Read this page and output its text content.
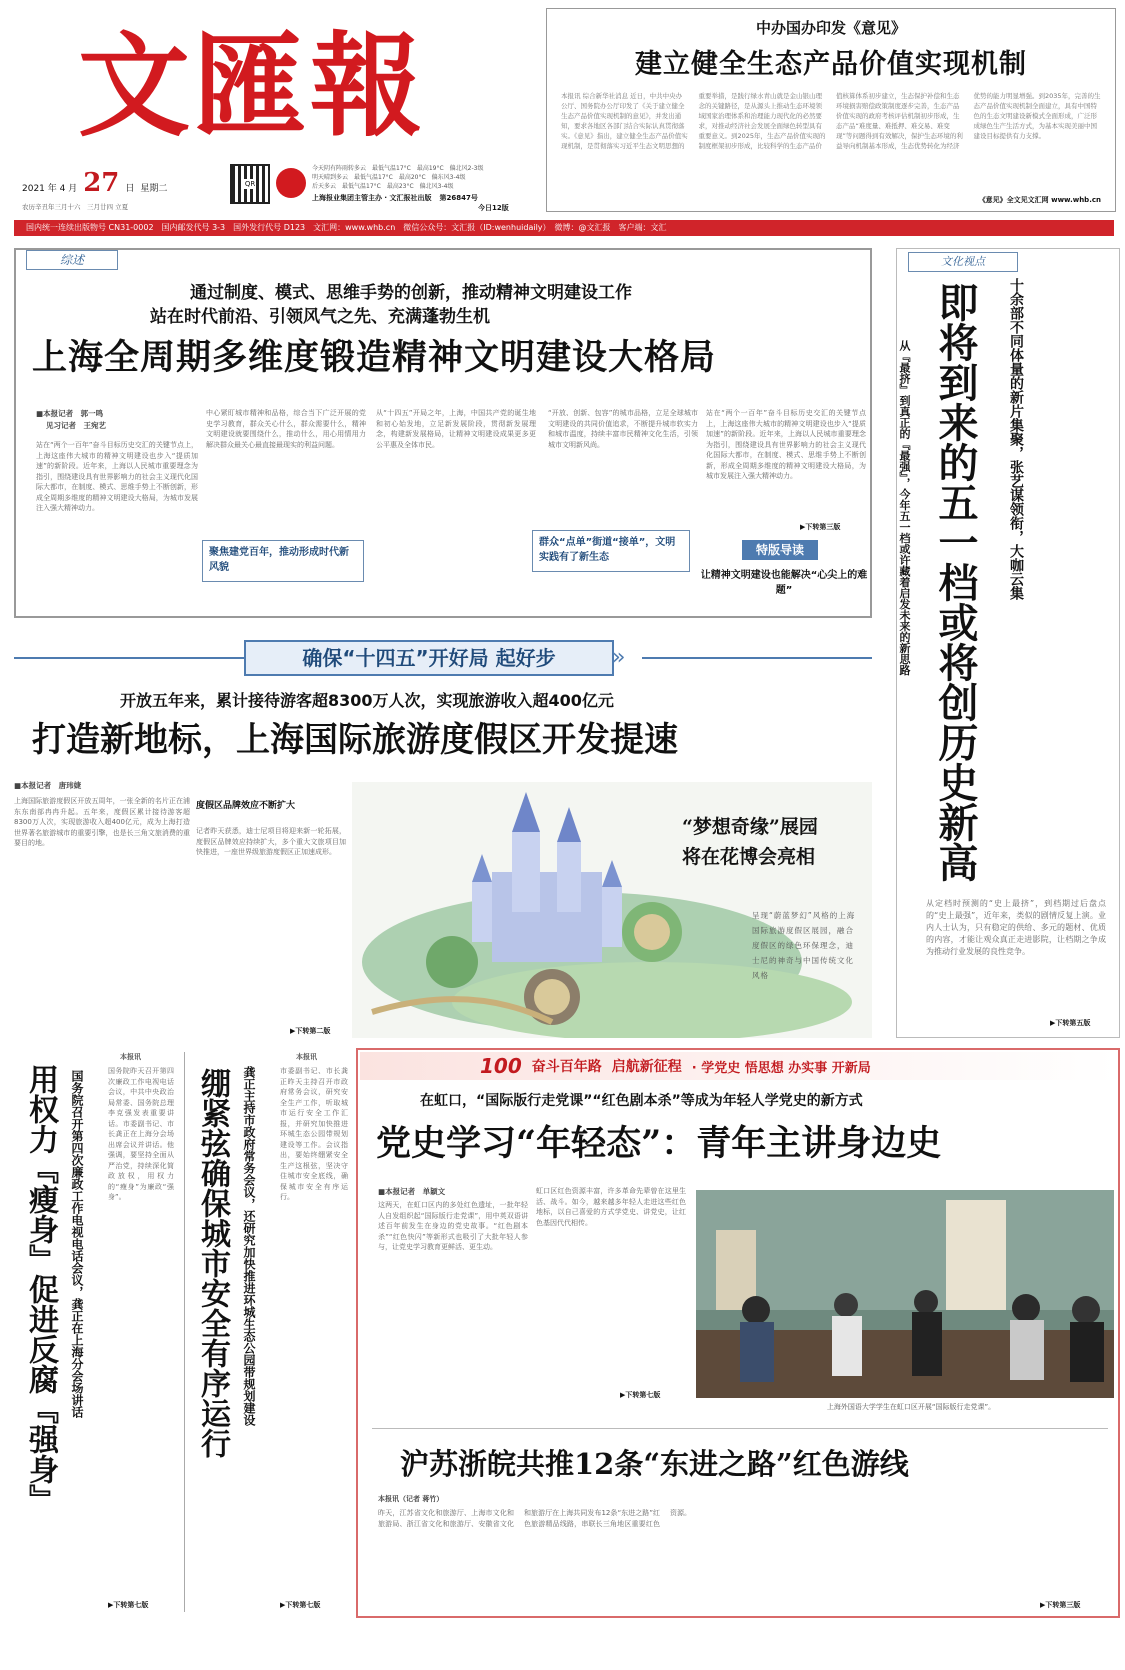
文匯報
2021 年 4 月 27 日 星期二
农历辛丑年三月十六　三月廿四 立夏
QR
今天阴有阵雨转多云　最低气温17°C　最高19°C　偏北风2-3级
明天晴到多云　最低气温17°C　最高20°C　偏东风3-4级
后天多云　最低气温17°C　最高23°C　偏北风3-4级
上海报业集团主管主办 · 文汇报社出版 第26847号
今日12版
中办国办印发《意见》
建立健全生态产品价值实现机制
本报讯 综合新华社消息 近日，中共中央办公厅、国务院办公厅印发了《关于建立健全生态产品价值实现机制的意见》，并发出通知，要求各地区各部门结合实际认真贯彻落实。《意见》指出，建立健全生态产品价值实现机制，是贯彻落实习近平生态文明思想的重要举措，是践行绿水青山就是金山银山理念的关键路径，是从源头上推动生态环境领域国家治理体系和治理能力现代化的必然要求，对推动经济社会发展全面绿色转型具有重要意义。到2025年，生态产品价值实现的制度框架初步形成，比较科学的生态产品价值核算体系初步建立，生态保护补偿和生态环境损害赔偿政策制度逐步完善，生态产品价值实现的政府考核评估机制初步形成，生态产品“难度量、难抵押、难交易、难变现”等问题得到有效解决，保护生态环境的利益导向机制基本形成，生态优势转化为经济优势的能力明显增强。到2035年，完善的生态产品价值实现机制全面建立，具有中国特色的生态文明建设新模式全面形成，广泛形成绿色生产生活方式，为基本实现美丽中国建设目标提供有力支撑。
《意见》全文见文汇网 www.whb.cn
国内统一连续出版物号 CN31-0002　国内邮发代号 3-3　国外发行代号 D123　文汇网：www.whb.cn　微信公众号：文汇报（ID:wenhuidaily）　微博：@文汇报　客户端：文汇
综述
通过制度、模式、思维手势的创新，推动精神文明建设工作
站在时代前沿、引领风气之先、充满蓬勃生机
上海全周期多维度锻造精神文明建设大格局
■本报记者　郭一鸣
见习记者　王宛艺
站在“两个一百年”奋斗目标历史交汇的关键节点上，上海这座伟大城市的精神文明建设也步入“提质加速”的新阶段。近年来，上海以人民城市重要理念为指引，围绕建设具有世界影响力的社会主义现代化国际大都市，在制度、模式、思维手势上不断创新，形成全周期多维度的精神文明建设大格局，为城市发展注入强大精神动力。
中心紧盯城市精神和品格，综合当下广泛开展的党史学习教育，群众关心什么，群众需要什么，精神文明建设就要围绕什么，推动什么，用心用情用力解决群众最关心最直接最现实的利益问题。
聚焦建党百年，推动形成时代新风貌
从“十四五”开局之年，上海，中国共产党的诞生地和初心始发地，立足新发展阶段，贯彻新发展理念，构建新发展格局，让精神文明建设成果更多更公平惠及全体市民。
群众“点单”街道“接单”，文明实践有了新生态
“开放、创新、包容”的城市品格，立足全球城市文明建设的共同价值追求，不断提升城市软实力和城市温度，持续丰富市民精神文化生活，引领城市文明新风尚。
站在“两个一百年”奋斗目标历史交汇的关键节点上，上海这座伟大城市的精神文明建设也步入“提质加速”的新阶段。近年来，上海以人民城市重要理念为指引，围绕建设具有世界影响力的社会主义现代化国际大都市，在制度、模式、思维手势上不断创新，形成全周期多维度的精神文明建设大格局，为城市发展注入强大精神动力。
▶下转第三版
特版导读
让精神文明建设也能解决“心尖上的难题”
确保“十四五”开好局 起好步	»
开放五年来，累计接待游客超8300万人次，实现旅游收入超400亿元
打造新地标，上海国际旅游度假区开发提速
■本报记者　唐玮婕
上海国际旅游度假区开放五周年，一张全新的名片正在浦东东南部冉冉升起。五年来，度假区累计接待游客超8300万人次，实现旅游收入超400亿元，成为上海打造世界著名旅游城市的重要引擎，也是长三角文旅消费的重要目的地。
度假区品牌效应不断扩大
记者昨天获悉，迪士尼项目将迎来新一轮拓展，度假区品牌效应持续扩大，多个重大文旅项目加快推进，一座世界级旅游度假区正加速成形。
▶下转第二版
“梦想奇缘”展园
将在花博会亮相
呈现“蔚蓝梦幻”风格的上海国际旅游度假区展园，融合度假区的绿色环保理念，迪士尼的神奇与中国传统文化风格
文化视点
即将到来的五一档或将创历史新高 十余部不同体量的新片集聚，张艺谋领衔，大咖云集
从『最挤』到真正的『最强』，今年五一档或许藏着启发未来的新思路
从定档时预测的“史上最挤”，到档期过后盘点的“史上最强”，近年来，类似的剧情反复上演。业内人士认为，只有稳定的供给、多元的题材、优质的内容，才能让观众真正走进影院，让档期之争成为推动行业发展的良性竞争。
▶下转第五版
用权力『瘦身』促进反腐『强身』 国务院召开第四次廉政工作电视电话会议，龚正在上海分会场讲话
本报讯
国务院昨天召开第四次廉政工作电视电话会议，中共中央政治局常委、国务院总理李克强发表重要讲话。市委副书记、市长龚正在上海分会场出席会议并讲话。他强调，要坚持全面从严治党，持续深化简政放权，用权力的“瘦身”为廉政“强身”。
▶下转第七版
绷紧弦确保城市安全有序运行 龚正主持市政府常务会议，还研究加快推进环城生态公园带规划建设
本报讯
市委副书记、市长龚正昨天主持召开市政府常务会议，研究安全生产工作，听取城市运行安全工作汇报，并研究加快推进环城生态公园带规划建设等工作。会议指出，要始终绷紧安全生产这根弦，坚决守住城市安全底线，确保城市安全有序运行。
▶下转第七版
100 奋斗百年路 启航新征程 · 学党史 悟思想 办实事 开新局
在虹口，“国际版行走党课”“红色剧本杀”等成为年轻人学党史的新方式
党史学习“年轻态”：青年主讲身边史
■本报记者　单颖文
这两天，在虹口区内的多处红色遗址，一批年轻人自发组织起“国际版行走党课”，用中英双语讲述百年前发生在身边的党史故事。“红色剧本杀”“红色快闪”等新形式也吸引了大批年轻人参与，让党史学习教育更鲜活、更生动。
虹口区红色资源丰富，许多革命先辈曾在这里生活、战斗。如今，越来越多年轻人走进这些红色地标，以自己喜爱的方式学党史、讲党史，让红色基因代代相传。
▶下转第七版
上海外国语大学学生在虹口区开展“国际版行走党课”。
沪苏浙皖共推12条“东进之路”红色游线
本报讯（记者 蒋竹）
昨天，江苏省文化和旅游厅、上海市文化和旅游局、浙江省文化和旅游厅、安徽省文化和旅游厅在上海共同发布12条“东进之路”红色旅游精品线路，串联长三角地区重要红色资源。
▶下转第三版
